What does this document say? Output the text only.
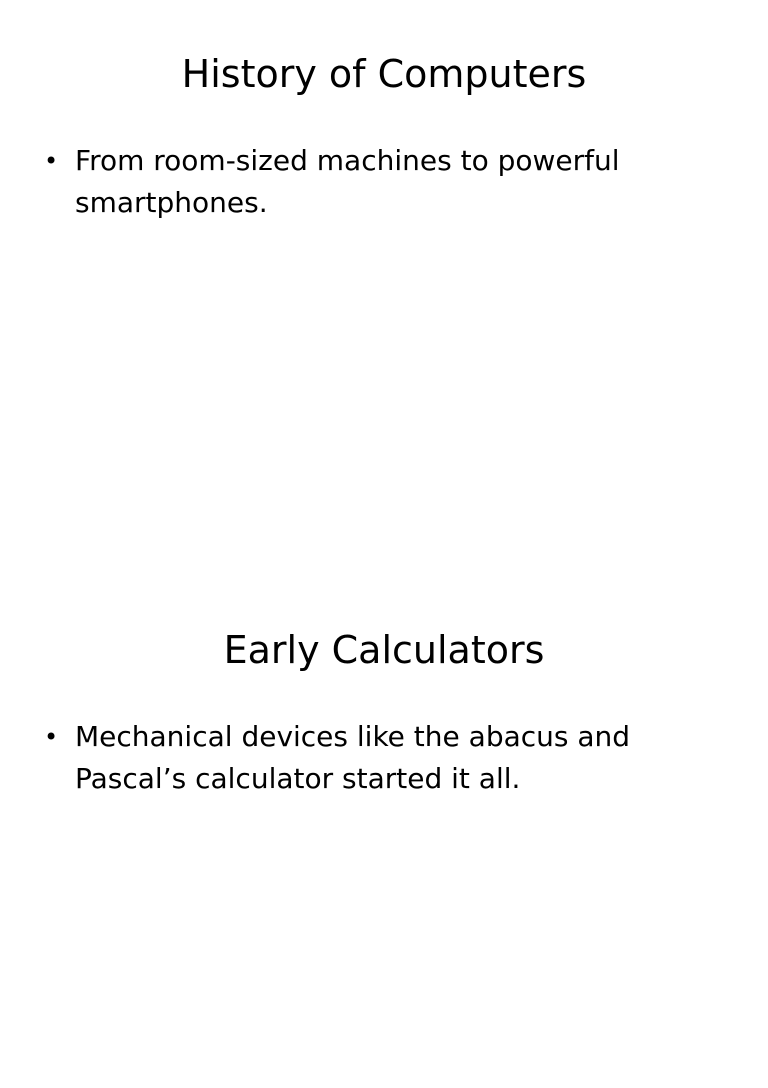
History of Computers
• From room-sized machines to powerful smartphones.
Early Calculators
• Mechanical devices like the abacus and Pascal’s calculator started it all.
